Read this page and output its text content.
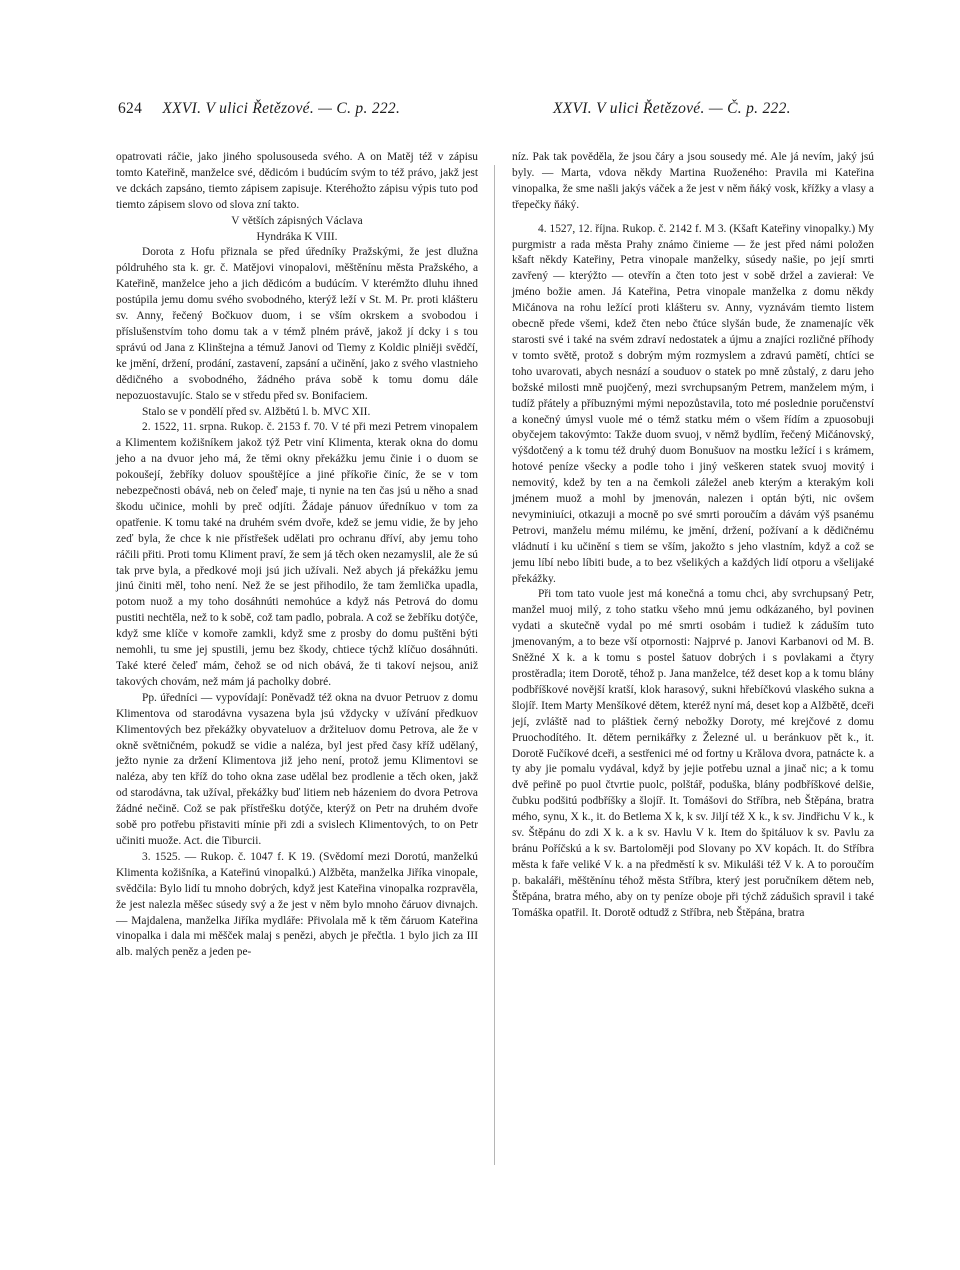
624 XXVI. V ulici Řetězové. — C. p. 222.	XXVI. V ulici Řetězové. — Č. p. 222.

opatrovati ráčie, jako jiného spolusouseda svého. A on Matěj též v zápisu tomto Kateřině, manželce své, dědicóm i budúcím svým to též právo, jakž jest ve dckách zapsáno, tiemto zápisem zapisuje. Kteréhožto zápisu výpis tuto pod tiemto zápisem slovo od slova zní takto.

V větších zápisných Václava

Hyndráka K VIII.

Dorota z Hofu přiznala se před úředníky Pražskými, že jest dlužna póldruhého sta k. gr. č. Matějovi vinopalovi, měštěnínu města Pražského, a Kateřině, manželce jeho a jich dědicóm a budúcím. V kterémžto dluhu ihned postúpila jemu domu svého svobodného, kterýž leží v St. M. Pr. proti klášteru sv. Anny, řečený Bočkuov duom, i se vším okrskem a svobodou i příslušenstvím toho domu tak a v témž plném právě, jakož jí dcky i s tou správú od Jana z Klinštejna a témuž Janovi od Tiemy z Koldic plniěji svědčí, ke jmění, držení, prodání, zastavení, zapsání a učinění, jako z svého vlastnieho dědičného a svobodného, žádného práva sobě k tomu domu dále nepozuostavujíc. Stalo se v středu před sv. Bonifaciem.

Stalo se v pondělí před sv. Alžbětú l. b. MVC XII.

2. 1522, 11. srpna. Rukop. č. 2153 f. 70. V té při mezi Petrem vinopalem a Klimentem kožišníkem jakož týž Petr viní Klimenta, kterak okna do domu jeho a na dvuor jeho má, že těmi okny překážku jemu činie i o duom se pokoušejí, žebříky doluov spouštějíce a jiné příkořie činíc, že se v tom nebezpečnosti obává, neb on čeleď maje, ti nynie na ten čas jsú u něho a snad škodu učinice, mohli by preč odjíti. Žádaje pánuov úředníkuo v tom za opatřenie. K tomu také na druhém svém dvoře, kdež se jemu vidie, že by jeho zeď byla, že chce k nie přístřešek udělati pro ochranu dříví, aby jemu toho ráčili přiti. Proti tomu Kliment praví, že sem já těch oken nezamyslil, ale že sú tak prve byla, a předkové moji jsú jich užívali. Než abych já překážku jemu jinú činiti měl, toho není. Než že se jest přihodilo, že tam žemlička upadla, potom nuož a my toho dosáhnúti nemohúce a když nás Petrová do domu pustiti nechtěla, než to k sobě, což tam padlo, pobrala. A což se žebříku dotýče, když sme klíče v komoře zamkli, když sme z prosby do domu puštěni býti nemohli, tu sme jej spustili, jemu bez škody, chtiece týchž klíčuo dosáhnúti. Také které čeleď mám, čehož se od nich obává, že ti takoví nejsou, aniž takových chovám, než mám já pacholky dobré.

Pp. úředníci — vypovídají: Poněvadž též okna na dvuor Petruov z domu Klimentova od starodávna vysazena byla jsú vždycky v užívání předkuov Klimentových bez překážky obyvateluov a držiteluov domu Petrova, ale že v okně světničném, pokudž se vidie a naléza, byl jest před časy kříž udělaný, ježto nynie za držení Klimentova již jeho není, protož jemu Klimentovi se naléza, aby ten kříž do toho okna zase udělal bez prodlenie a těch oken, jakž od starodávna, tak užíval, překážky buď litiem neb házeniem do dvora Petrova žádné nečině. Což se pak přístřešku dotýče, kterýž on Petr na druhém dvoře sobě pro potřebu přistaviti mínie při zdi a svislech Klimentových, to on Petr učiniti muože. Act. die Tiburcii.

3. 1525. — Rukop. č. 1047 f. K 19. (Svědomí mezi Dorotú, manželkú Klimenta kožišníka, a Kateřinú vinopalkú.) Alžběta, manželka Jiříka vinopale, svědčila: Bylo lidí tu mnoho dobrých, když jest Kateřina vinopalka rozpravěla, že jest nalezla měšec súsedy svý a že jest v něm bylo mnoho čáruov divnajch. — Majdalena, manželka Jiříka mydláře: Přivolala mě k těm čáruom Kateřina vinopalka i dala mi měšček malaj s penězi, abych je přečtla. 1 bylo jich za III alb. malých peněz a jeden pe-

níz. Pak tak pověděla, že jsou čáry a jsou sousedy mé. Ale já nevím, jaký jsú byly. — Marta, vdova někdy Martina Ruoženého: Pravila mi Kateřina vinopalka, že sme našli jakýs váček a že jest v něm ňáký vosk, křížky a vlasy a třepečky ňáký.

4. 1527, 12. října. Rukop. č. 2142 f. M 3. (Kšaft Kateřiny vinopalky.) My purgmistr a rada města Prahy známo činieme — že jest před námi položen kšaft někdy Kateřiny, Petra vinopale manželky, súsedy našie, po její smrti zavřený — kterýžto — otevřín a čten toto jest v sobě držel a zavierał: Ve jméno božie amen. Já Kateřina, Petra vinopale manželka z domu někdy Mičánova na rohu ležící proti klášteru sv. Anny, vyznávám tiemto listem obecně přede všemi, kdež čten nebo čtúce slyšán bude, že znamenajíc věk starosti své i také na svém zdraví nedostatek a újmu a znajíci rozličné příhody v tomto světě, protož s dobrým mým rozmyslem a zdravú pamětí, chtíci se toho uvarovati, abych nesnází a souduov o statek po mně zůstalý, z daru jeho božské milosti mně puojčený, mezi svrchupsaným Petrem, manželem mým, i tudíž přátely a příbuznými mými nepozůstavila, toto mé poslednie poručenství a konečný úmysl vuole mé o témž statku mém o všem řídím a zpuosobuji obyčejem takovýmto: Takže duom svuoj, v němž bydlím, řečený Mičánovský, výšdotčený a k tomu též druhý duom Bonušuov na mostku ležící i s krámem, hotové peníze všecky a podle toho i jiný veškeren statek svuoj movitý i nemovitý, kdež by ten a na čemkoli záležel aneb kterým a kterakým koli jménem muož a mohl by jmenován, nalezen i optán býti, nic ovšem nevyminiuíci, otkazuji a mocně po své smrti poroučím a dávám výš psanému Petrovi, manželu mému milému, ke jmění, držení, požívaní a k dědičnému vládnutí i ku učinění s tiem se vším, jakožto s jeho vlastním, když a což se jemu líbí nebo líbiti bude, a to bez všelikých a každých lidí otporu a všelijaké překážky.

Při tom tato vuole jest má konečná a tomu chci, aby svrchupsaný Petr, manžel muoj milý, z toho statku všeho mnú jemu odkázaného, byl povinen vydati a skutečně vydal po mé smrti osobám i tudiež k záduším tuto jmenovaným, a to beze vší otpornosti: Najprvé p. Janovi Karbanovi od M. B. Sněžné X k. a k tomu s postel šatuov dobrých i s povlakami a čtyry prostěradla; item Dorotě, téhož p. Jana manželce, též deset kop a k tomu blány podbříškové novější kratší, klok harasový, sukni hřebíčkovú vlaského sukna a šlojíř. Item Marty Menšíkové dětem, kteréž nyní má, deset kop a Alžbětě, dceři její, zvláště nad to pláštiek černý nebožky Doroty, mé krejčové z domu Pruochodítého. It. dětem pernikářky z Železné ul. u beránkuov pět k., it. Dorotě Fučíkové dceři, a sestřenici mé od fortny u Krălova dvora, patnácte k. a ty aby jie pomalu vydával, když by jejie potřebu uznal a jinač nic; a k tomu dvě peřině po puol čtvrtie puolc, polštář, poduška, blány podbříškové delšie, čubku podšitú podbříšky a šlojíř. It. Tomášovi do Stříbra, neb Štěpána, bratra mého, synu, X k., it. do Betlema X k, k sv. Jiljí též X k., k sv. Jindřichu V k., k sv. Štěpánu do zdi X k. a k sv. Havlu V k. Item do špitáluov k sv. Pavlu za bránu Poříčskú a k sv. Bartoloměji pod Slovany po XV kopách. It. do Stříbra města k faře veliké V k. a na předměstí k sv. Mikuláši též V k. A to poroučím p. bakaláři, měštěnínu téhož města Stříbra, který jest poručníkem dětem neb, Štěpána, bratra mého, aby on ty peníze oboje při týchž zádušich spravil i také Tomáška opatřil. It. Dorotě odtudž z Stříbra, neb Štěpána, bratra
